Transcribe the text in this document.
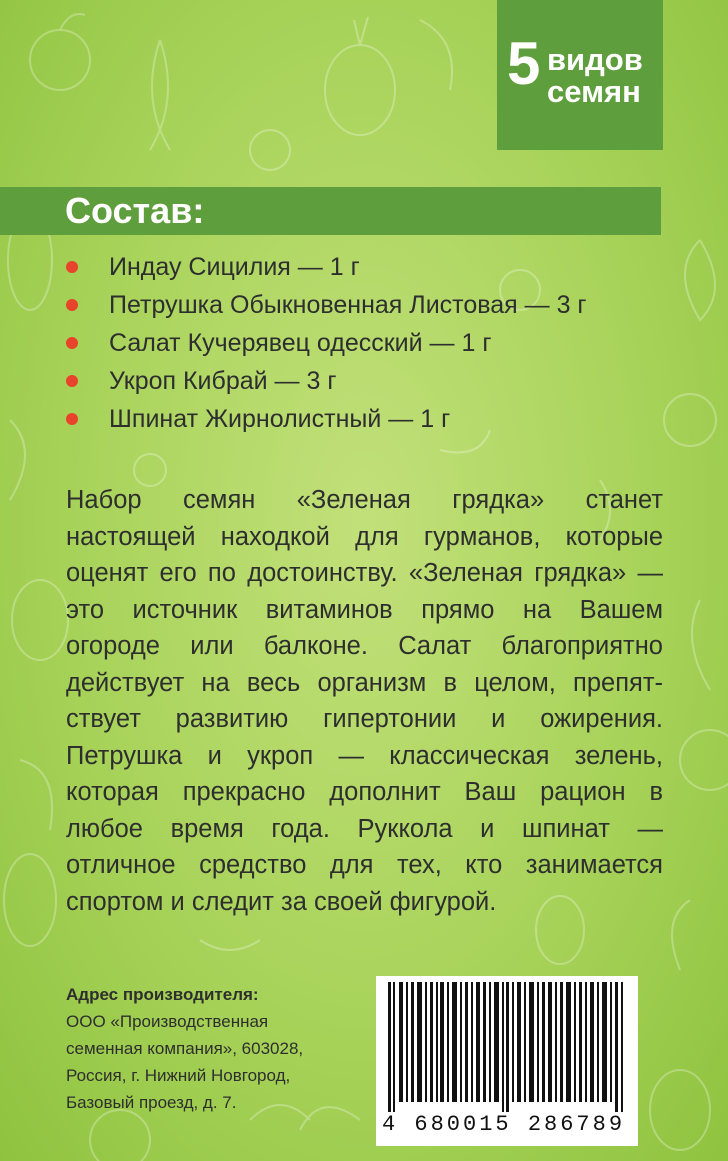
5 видов
семян
Состав:
Индау Сицилия — 1 г
Петрушка Обыкновенная Листовая — 3 г
Салат Кучерявец одесский — 1 г
Укроп Кибрай — 3 г
Шпинат Жирнолистный — 1 г
Набор семян «Зеленая грядка» станет
настоящей находкой для гурманов, которые
оценят его по достоинству. «Зеленая грядка» —
это источник витаминов прямо на Вашем
огороде или балконе. Салат благоприятно
действует на весь организм в целом, препят-
ствует развитию гипертонии и ожирения.
Петрушка и укроп — классическая зелень,
которая прекрасно дополнит Ваш рацион в
любое время года. Руккола и шпинат —
отличное средство для тех, кто занимается
спортом и следит за своей фигурой.
Адрес производителя:
ООО «Производственная
семенная компания», 603028,
Россия, г. Нижний Новгород,
Базовый проезд, д. 7.
4 680015 286789
